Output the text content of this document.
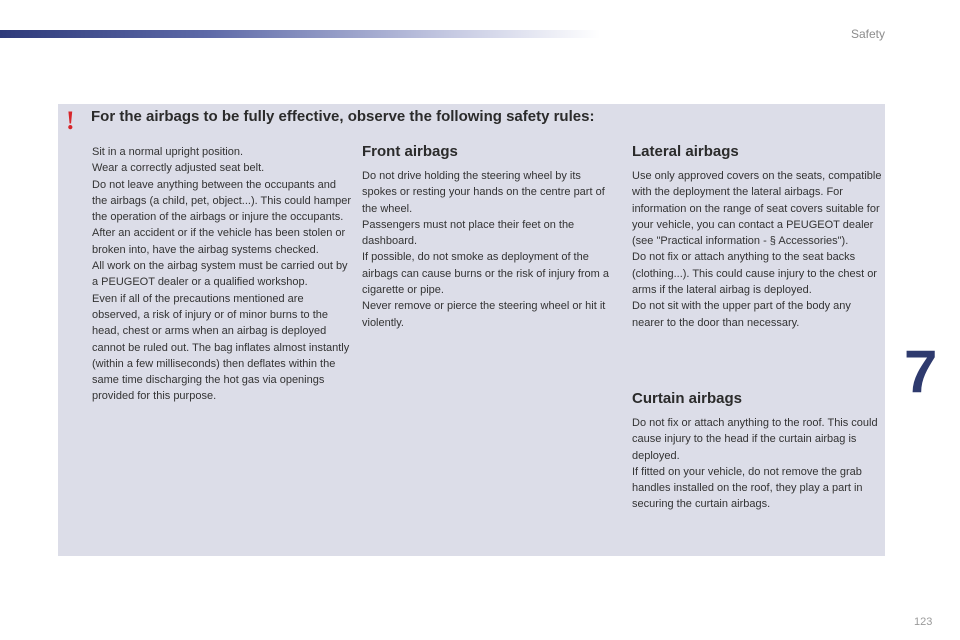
Safety
! For the airbags to be fully effective, observe the following safety rules:

Sit in a normal upright position.
Wear a correctly adjusted seat belt.
Do not leave anything between the occupants and the airbags (a child, pet, object...). This could hamper the operation of the airbags or injure the occupants.
After an accident or if the vehicle has been stolen or broken into, have the airbag systems checked.
All work on the airbag system must be carried out by a PEUGEOT dealer or a qualified workshop.
Even if all of the precautions mentioned are observed, a risk of injury or of minor burns to the head, chest or arms when an airbag is deployed cannot be ruled out. The bag inflates almost instantly (within a few milliseconds) then deflates within the same time discharging the hot gas via openings provided for this purpose.

Front airbags

Do not drive holding the steering wheel by its spokes or resting your hands on the centre part of the wheel.
Passengers must not place their feet on the dashboard.
If possible, do not smoke as deployment of the airbags can cause burns or the risk of injury from a cigarette or pipe.
Never remove or pierce the steering wheel or hit it violently.

Lateral airbags

Use only approved covers on the seats, compatible with the deployment the lateral airbags. For information on the range of seat covers suitable for your vehicle, you can contact a PEUGEOT dealer (see "Practical information - § Accessories").
Do not fix or attach anything to the seat backs (clothing...). This could cause injury to the chest or arms if the lateral airbag is deployed.
Do not sit with the upper part of the body any nearer to the door than necessary.

Curtain airbags

Do not fix or attach anything to the roof. This could cause injury to the head if the curtain airbag is deployed.
If fitted on your vehicle, do not remove the grab handles installed on the roof, they play a part in securing the curtain airbags.

7
123
